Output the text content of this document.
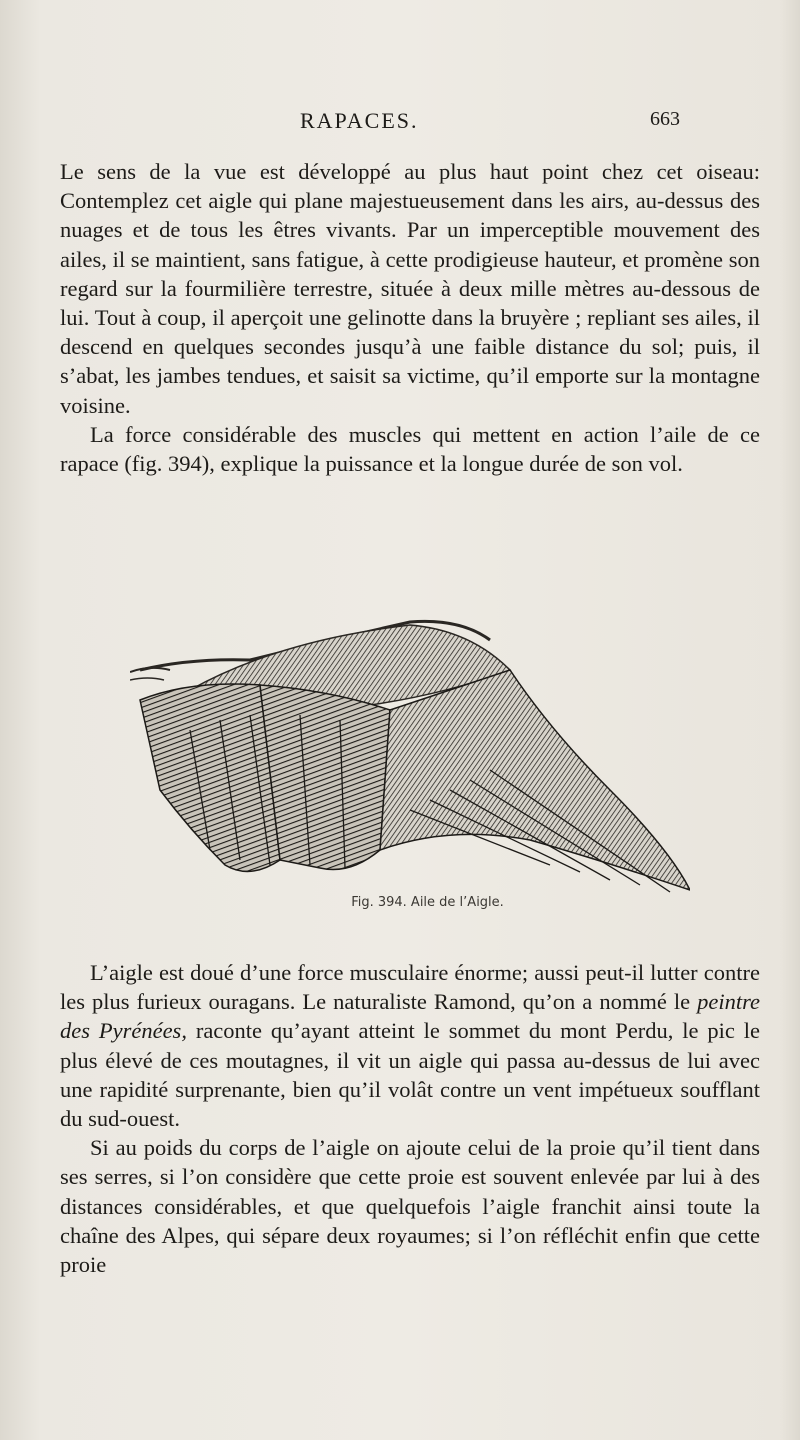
RAPACES.	663

Le sens de la vue est développé au plus haut point chez cet oiseau: Contemplez cet aigle qui plane majestueusement dans les airs, au-dessus des nuages et de tous les êtres vivants. Par un imperceptible mouvement des ailes, il se maintient, sans fatigue, à cette prodigieuse hauteur, et promène son regard sur la fourmilière terrestre, située à deux mille mètres au-dessous de lui. Tout à coup, il aperçoit une gelinotte dans la bruyère ; repliant ses ailes, il descend en quelques secondes jusqu’à une faible distance du sol; puis, il s’abat, les jambes tendues, et saisit sa victime, qu’il emporte sur la montagne voisine.

La force considérable des muscles qui mettent en action l’aile de ce rapace (fig. 394), explique la puissance et la longue durée de son vol.

Fig. 394. Aile de l’Aigle.

L’aigle est doué d’une force musculaire énorme; aussi peut-il lutter contre les plus furieux ouragans. Le naturaliste Ramond, qu’on a nommé le peintre des Pyrénées, raconte qu’ayant atteint le sommet du mont Perdu, le pic le plus élevé de ces moutagnes, il vit un aigle qui passa au-dessus de lui avec une rapidité surprenante, bien qu’il volât contre un vent impétueux soufflant du sud-ouest.

Si au poids du corps de l’aigle on ajoute celui de la proie qu’il tient dans ses serres, si l’on considère que cette proie est souvent enlevée par lui à des distances considérables, et que quelquefois l’aigle franchit ainsi toute la chaîne des Alpes, qui sépare deux royaumes; si l’on réfléchit enfin que cette proie
